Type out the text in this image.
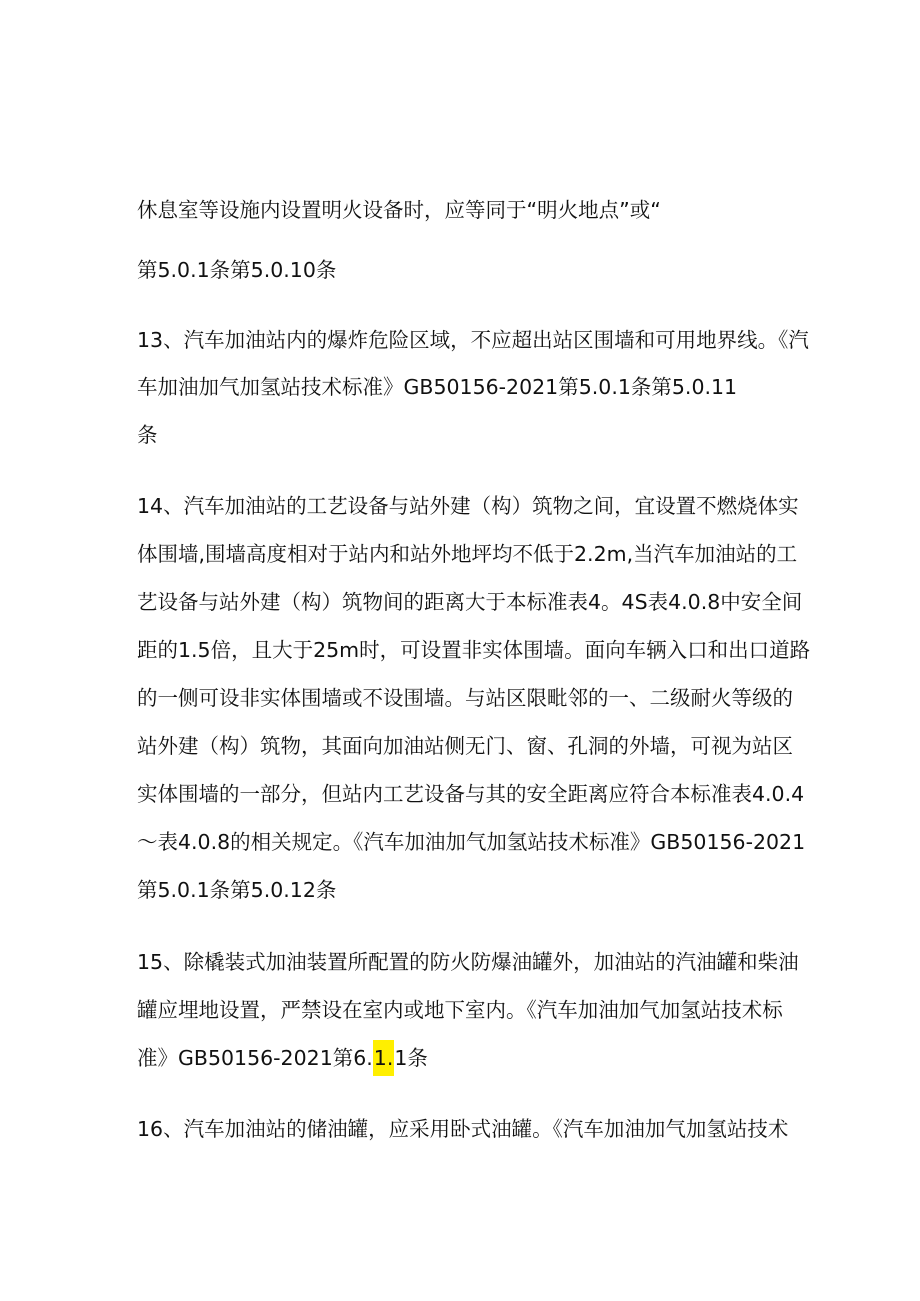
休息室等设施内设置明火设备时，应等同于“明火地点”或“
第5.0.1条第5.0.10条
13、汽车加油站内的爆炸危险区域，不应超出站区围墙和可用地界线。《汽
车加油加气加氢站技术标准》GB50156-2021第5.0.1条第5.0.11
条
14、汽车加油站的工艺设备与站外建（构）筑物之间，宜设置不燃烧体实
体围墙,围墙高度相对于站内和站外地坪均不低于2.2m,当汽车加油站的工
艺设备与站外建（构）筑物间的距离大于本标准表4。4S表4.0.8中安全间
距的1.5倍，且大于25m时，可设置非实体围墙。面向车辆入口和出口道路
的一侧可设非实体围墙或不设围墙。与站区限毗邻的一、二级耐火等级的
站外建（构）筑物，其面向加油站侧无门、窗、孔洞的外墙，可视为站区
实体围墙的一部分，但站内工艺设备与其的安全距离应符合本标准表4.0.4
〜表4.0.8的相关规定。《汽车加油加气加氢站技术标准》GB50156-2021
第5.0.1条第5.0.12条
15、除橇装式加油装置所配置的防火防爆油罐外，加油站的汽油罐和柴油
罐应埋地设置，严禁设在室内或地下室内。《汽车加油加气加氢站技术标
准》GB50156-2021第6.1.1条
16、汽车加油站的储油罐，应采用卧式油罐。《汽车加油加气加氢站技术
